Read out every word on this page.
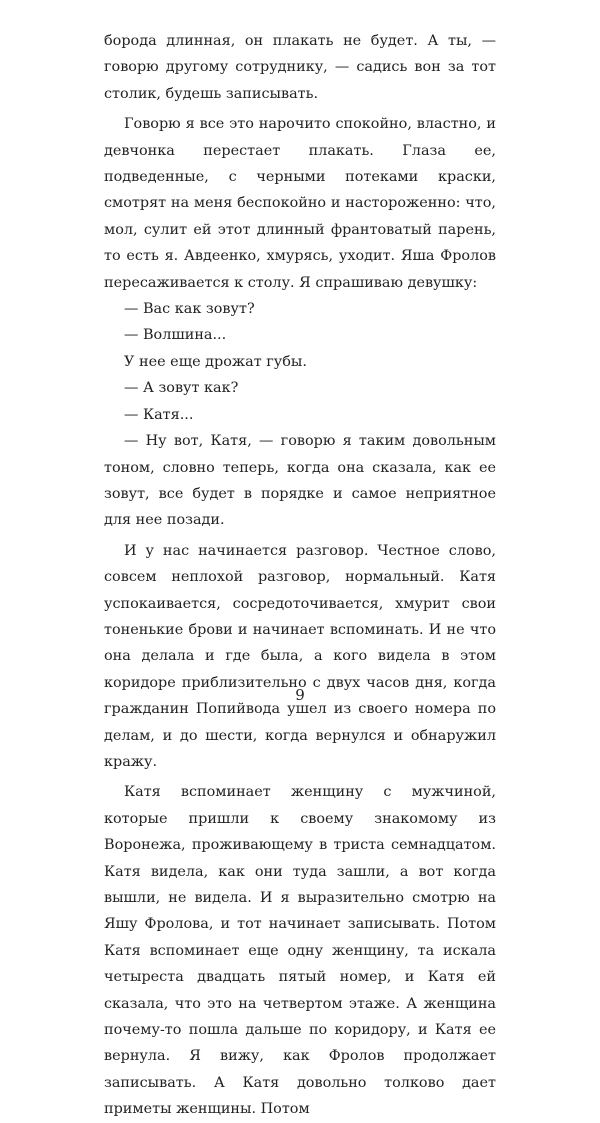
борода длинная, он плакать не будет. А ты, — говорю другому сотруднику, — садись вон за тот столик, будешь записывать.

Говорю я все это нарочито спокойно, властно, и девчонка перестает плакать. Глаза ее, подведенные, с черными потеками краски, смотрят на меня беспокойно и настороженно: что, мол, сулит ей этот длинный франтоватый парень, то есть я. Авдеенко, хмурясь, уходит. Яша Фролов пересаживается к столу. Я спрашиваю девушку:

— Вас как зовут?

— Волшина...

У нее еще дрожат губы.

— А зовут как?

— Катя...

— Ну вот, Катя, — говорю я таким довольным тоном, словно теперь, когда она сказала, как ее зовут, все будет в порядке и самое неприятное для нее позади.

И у нас начинается разговор. Честное слово, совсем неплохой разговор, нормальный. Катя успокаивается, сосредоточивается, хмурит свои тоненькие брови и начинает вспоминать. И не что она делала и где была, а кого видела в этом коридоре приблизительно с двух часов дня, когда гражданин Попийвода ушел из своего номера по делам, и до шести, когда вернулся и обнаружил кражу.

Катя вспоминает женщину с мужчиной, которые пришли к своему знакомому из Воронежа, проживающему в триста семнадцатом. Катя видела, как они туда зашли, а вот когда вышли, не видела. И я выразительно смотрю на Яшу Фролова, и тот начинает записывать. Потом Катя вспоминает еще одну женщину, та искала четыреста двадцать пятый номер, и Катя ей сказала, что это на четвертом этаже. А женщина почему-то пошла дальше по коридору, и Катя ее вернула. Я вижу, как Фролов продолжает записывать. А Катя довольно толково дает приметы женщины. Потом

9
